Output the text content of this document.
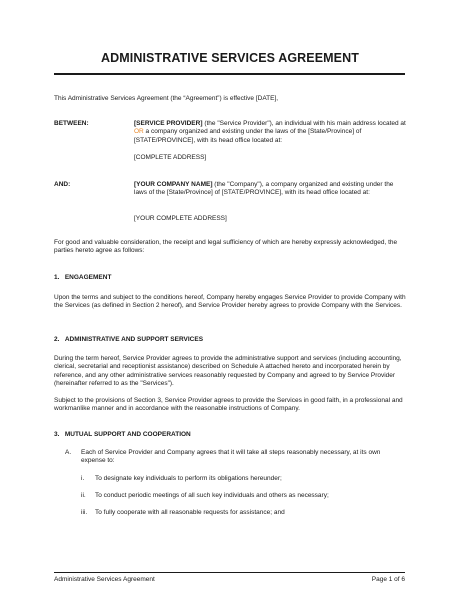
ADMINISTRATIVE SERVICES AGREEMENT
This Administrative Services Agreement (the “Agreement”) is effective [DATE],
BETWEEN:	[SERVICE PROVIDER] (the "Service Provider"), an individual with his main address located at OR a company organized and existing under the laws of the [State/Province] of [STATE/PROVINCE], with its head office located at:
[COMPLETE ADDRESS]
AND:	[YOUR COMPANY NAME] (the "Company"), a company organized and existing under the laws of the [State/Province] of [STATE/PROVINCE], with its head office located at:
[YOUR COMPLETE ADDRESS]
For good and valuable consideration, the receipt and legal sufficiency of which are hereby expressly acknowledged, the parties hereto agree as follows:
1.   ENGAGEMENT
Upon the terms and subject to the conditions hereof, Company hereby engages Service Provider to provide Company with the Services (as defined in Section 2 hereof), and Service Provider hereby agrees to provide Company with the Services.
2.   ADMINISTRATIVE AND SUPPORT SERVICES
During the term hereof, Service Provider agrees to provide the administrative support and services (including accounting, clerical, secretarial and receptionist assistance) described on Schedule A attached hereto and incorporated herein by reference, and any other administrative services reasonably requested by Company and agreed to by Service Provider (hereinafter referred to as the "Services").
Subject to the provisions of Section 3, Service Provider agrees to provide the Services in good faith, in a professional and workmanlike manner and in accordance with the reasonable instructions of Company.
3.   MUTUAL SUPPORT AND COOPERATION
A. Each of Service Provider and Company agrees that it will take all steps reasonably necessary, at its own expense to:
i.	To designate key individuals to perform its obligations hereunder;
ii.	To conduct periodic meetings of all such key individuals and others as necessary;
iii.	To fully cooperate with all reasonable requests for assistance; and
Administrative Services Agreement	Page 1 of 6
